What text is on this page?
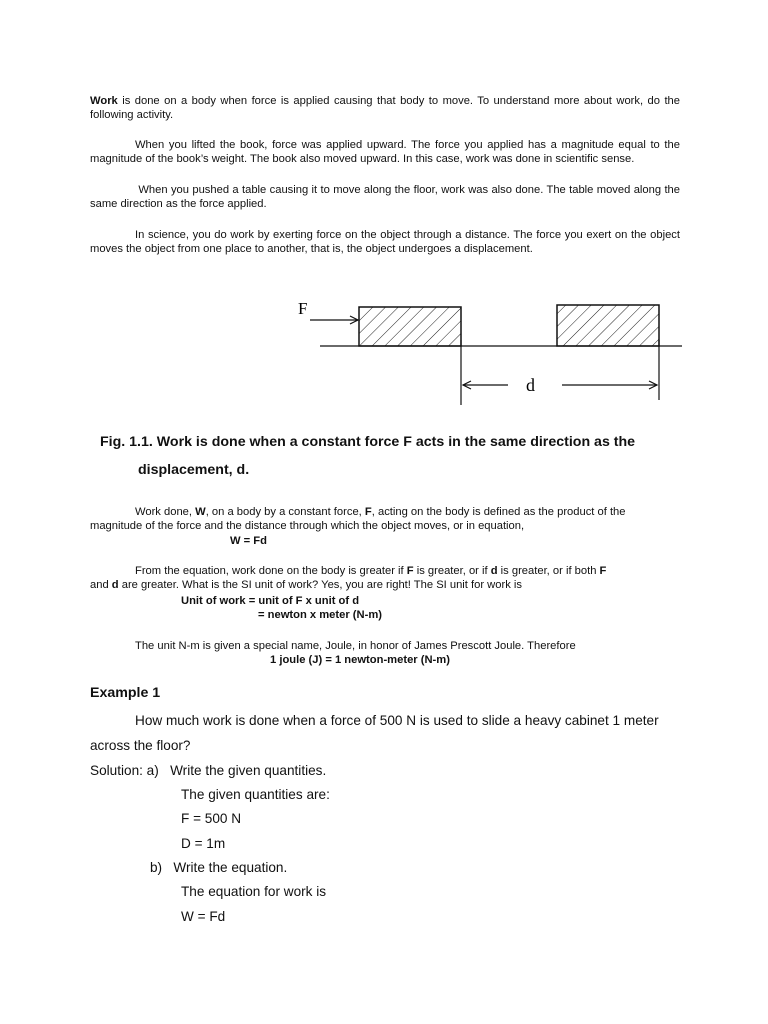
Work is done on a body when force is applied causing that body to move. To understand more about work, do the following activity.

When you lifted the book, force was applied upward. The force you applied has a magnitude equal to the magnitude of the book’s weight. The book also moved upward. In this case, work was done in scientific sense.

When you pushed a table causing it to move along the floor, work was also done. The table moved along the same direction as the force applied.

In science, you do work by exerting force on the object through a distance. The force you exert on the object moves the object from one place to another, that is, the object undergoes a displacement.

F
d

Fig. 1.1. Work is done when a constant force F acts in the same direction as the
displacement, d.

Work done, W, on a body by a constant force, F, acting on the body is defined as the product of the magnitude of the force and the distance through which the object moves, or in equation,

W = Fd

From the equation, work done on the body is greater if F is greater, or if d is greater, or if both F
and d are greater. What is the SI unit of work? Yes, you are right! The SI unit for work is

Unit of work = unit of F x unit of d
= newton x meter (N-m)

The unit N-m is given a special name, Joule, in honor of James Prescott Joule. Therefore

1 joule (J) = 1 newton-meter (N-m)
Example 1

How much work is done when a force of 500 N is used to slide a heavy cabinet 1 meter

across the floor?

Solution: a)   Write the given quantities.

The given quantities are:

F = 500 N

D = 1m

b)   Write the equation.

The equation for work is

W = Fd
